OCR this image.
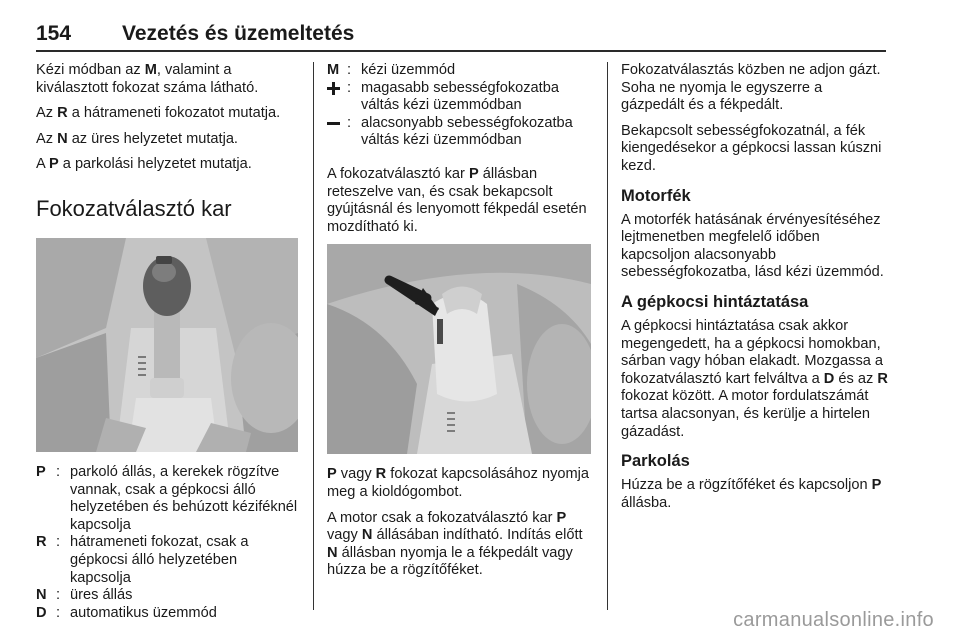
154 Vezetés és üzemeltetés

Kézi módban az M, valamint a kiválasztott fokozat száma látható.

Az R a hátrameneti fokozatot mutatja.

Az N az üres helyzetet mutatja.

A P a parkolási helyzetet mutatja.

Fokozatválasztó kar
P : parkoló állás, a kerekek rögzítve vannak, csak a gépkocsi álló helyzetében és behúzott kéziféknél kapcsolja
R : hátrameneti fokozat, csak a gépkocsi álló helyzetében kapcsolja
N : üres állás
D : automatikus üzemmód
M : kézi üzemmód
: magasabb sebességfokozatba váltás kézi üzemmódban
: alacsonyabb sebességfokozatba váltás kézi üzemmódban

A fokozatválasztó kar P állásban reteszelve van, és csak bekapcsolt gyújtásnál és lenyomott fékpedál esetén mozdítható ki.

P vagy R fokozat kapcsolásához nyomja meg a kioldógombot.

A motor csak a fokozatválasztó kar P vagy N állásában indítható. Indítás előtt N állásban nyomja le a fékpedált vagy húzza be a rögzítőféket.

Fokozatválasztás közben ne adjon gázt. Soha ne nyomja le egyszerre a gázpedált és a fékpedált.

Bekapcsolt sebességfokozatnál, a fék kiengedésekor a gépkocsi lassan kúszni kezd.

Motorfék

A motorfék hatásának érvényesítéséhez lejtmenetben megfelelő időben kapcsoljon alacsonyabb sebességfokozatba, lásd kézi üzemmód.

A gépkocsi hintáztatása

A gépkocsi hintáztatása csak akkor megengedett, ha a gépkocsi homokban, sárban vagy hóban elakadt. Mozgassa a fokozatválasztó kart felváltva a D és az R fokozat között. A motor fordulatszámát tartsa alacsonyan, és kerülje a hirtelen gázadást.

Parkolás

Húzza be a rögzítőféket és kapcsoljon P állásba.

carmanualsonline.info
